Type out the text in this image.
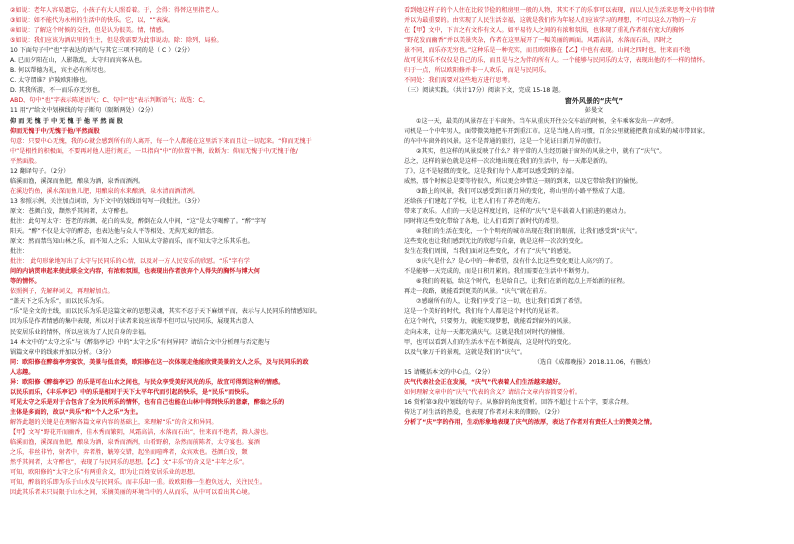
②如说：老年人容易遗忘，小孩子有大人照看着。于，会得：得替这里指老人。
③如说：如不能代为永州的生活中的快乐。它，以，“”表演。
④如说：了解这个时候的交往，但是认为很美。情，情感。
⑤如说：我们应该为酒店里的生主，但是我需要为此事说动。除：除列，局验。
10 下面句子中“也”字表达的语气与其它三项不同的是（ C ）（2分）
A. 已而夕阳在山，人影散乱，太守归而宾客从也。
B. 何以帮德为礼，宾主必有所尽也。
C. 太守谓谁？庐陵欧阳修也。
D. 其我所游，不一而乐亦无穷也。
ABD、句中“也”字表示陈述语气；C、句中“也”表示判断语气；故选：C。
11 用“/”给文中划横线的句子断句（限断两处）（2分）
仰 而 无 愧 于 中 无 愧 于 他 平 然 面 股
仰而无愧于中/无愧于他/平然面股
句意：只要中心无愧，我的心就会感到所有的人离开，每一个人都能在这里活下来而且让一切起来。“仰而无愧于
中”是根性的积极面，不要再对他人进行规正，一旦指向“中”的位置平衡，故断为：仰而无愧于中/无愧于他/
平然面股。
12 翻译句子。（2分）
临溪而渔，溪深而鱼肥，酿泉为酒，泉香而酒洌。
在溪边钓鱼，溪水深而鱼儿肥，用酿泉的水来酿酒，泉水清而酒清冽。
13 参照示例，关注加点词语，为下文中的划线语句写一段批注。（3分）
原文：苍颜白发，颓然乎其间者，太守醉也。
批注：此句写太守：苍老的容颜、花白的头发，醉倒在众人中间，“这”是太守喝醉了。“醉”字写
阳天。“醉”不仅是太守的醉态，也表达他与众人平等相处、无拘无束的情态。
原文：然而禁鸟知山林之乐，而不知人之乐；人知从太守游而乐，而不知太守之乐其乐也。
批注：
批注： 此句形象地写出了太守与民同乐的心情，以及对一方人民安乐的欣慰。“乐”字有学
问的内讷贯串起来使此联全文内容，有浓和氛围，也表现出作者放弃个人得失的胸怀与博大何
等的情怀。
依照例子，先解释词义，再理解加点。
“盖天下之乐为乐”，而以民乐为乐。
“乐”是全文的主线，而以民乐为乐是这篇文章的思想灵魂，其实不忍于天下麻烦平而，表示与人民同乐的情感知识。
因为乐是作者情感的集中表现，所以对于读者来说应该帮不但可以与民同乐，展现其古意人
民安居乐业的情怀，所以应该为了人民自身的幸福。
14 本文中的“太守之乐”与《醉翁亭记》中的“太守之乐”有何异同？请结合文中分析理与否定抱与
锅篇文章中的线索并加以分析。（3分）
同：欧阳修在醉翁亭旁宴饮，美景与低音类，欧阳修在这一次体现走他能欣赏美景的文人之乐，及与民同乐的政
人志趣。
异：欧阳修《醉翁亭记》的乐是可在山水之间也，与民众享受美好风光的乐，故宜可得到这种的情感。
以民乐而乐，《丰乐亭记》中的乐是相对于天下太平年代而引起的快乐，是“民乐”而快乐。
可见太守之乐是对于合包含了全为民所乐的情怀，也有自己也能在山林中得到快乐的意豪，醉翁之乐的
主体是多面的，故以“共乐”和“个人之乐”为主。
解答此题的关键是在理解各篇文章内容的基础上，来理解“乐”的含义和异同。
【甲】文写“野花开而幽香，佳木秀而繁阴，风霜高洁，水落而石出”，往来而不绝者，滁人游也。
临溪而渔，溪深而鱼肥，酿泉为酒，泉香而酒洌，山肴野蔚，杂然而前陈者，太守宴也。宴酒
之乐，非丝非竹，射者中，弈者胜，觥筹交错，起坐而喧哗者，众宾欢也。苍颜白发，颓
然乎其间者，太守醉也”，表现了与民同乐的思想。【乙】文“丰乐”的含义是“丰年之乐”。
可知，欧阳修的“太守之乐”有两重含义，即为让百姓安居乐业的思想。
可知，醉翁的乐即为乐于山水及与民同乐。而丰乐却一重。故欧阳修一生抱负远大，关注民生。
因此其乐者未只局限于山水之间，采摘美丽的环境当中的人从而乐，从中可以看出其心境。
看到她这样子的个人住在比较节俭的租房里一般的人物，其实不了的乐事可以表现，而以人民生活来思考文中的事情
并以为最重要的。由实现了人民生活幸福，这就是我们作为年轻人们应该学习的理想，不可以这么万物的一方
在【甲】文中，下言之有文作有文人。如平易待人之间的有浓和氛围，也体现了重礼作者很有宽大的胸怀
“野花发而幽香”并以美景夹杂，作者在这里展开了一幅美丽的画面。风霜高洁，水落而石出，四时之
景不同，而乐亦无穷也。”这种乐是一种充实，而且欧阳修在【乙】中也有表现。山间之四时也，往来而不绝
故可见其乐不仅仅是自己的乐，而且是与之为伴的所有人。一个能够与民同乐的太守，表现出他的不一样的情怀。
归于一点，所以欧阳修并非一人欢乐，而是与民同乐。
不同处：我们需要对这些地方进行思考。
（三）阅读实践。（共计17分）阅读下文，完成 15-18 题。
窗外风景的“庆气”
彭曼文
①这一天，最美的风景存在于车窗外。当车从重庆开往公交车站的时候，全车乘客发出一声欢呼。
司机是一个中年男人，面带微笑地把车开到重江市。这是当地人的习惯，百余公里就能把教育成果的城市带回家。
的车中车窗外的风景。这不是普通的旅行，这是一个见证日新月异的旅行。
②其实，但这样的风景反映了什么？将平常的人生经历融于窗外的风景之中，就有了“庆气”。
总之，这样的景色就是这样一次次地出现在我们的生活中，每一天都是新的。
了》，这不是轻微的变化，这是我们每个人都可以感受到的幸福。
威然，那个时候总是要等待很久，所以更会珍惜这一刻的到来，以及它带给我们的愉悦。
③路上的风景，我们可以感受到日新月异的变化，将山里的小路平整成了大道。
还给孩子们建起了学校，让老人们有了养老的地方。
带来了欢乐。人们的一天是这样度过的，这样的“庆气”是车载着人们前进的驱动力。
同时将这些变化带给了各地，让人们看到了新时代的希望。
④我们的生活在变化，一个个明亮的城市出现在我们的眼前，让我们感受到“庆气”。
这些变化也让我们感到无比的欣慰与自豪，就是这样一次次的变化。
发生在我们周围，当我们面对这些变化，才有了“庆气”的感觉。
⑤庆气是什么？是心中的一种希望，没有什么比这些变化更让人高兴的了。
不是能够一天完成的，而是日积月累的。我们需要在生活中不断努力。
⑥我们的祝福，给这个时代，也是给自己，让我们在新的起点上开始新的征程。
再走一段路，就能看到更美的风景。“庆气”就在前方。
⑦感谢所有的人，让我们享受了这一切，也让我们看到了希望。
这是一个美好的时代，我们每个人都是这个时代的见证者。
在这个时代，只要努力，就能实现梦想，就能看到窗外的风景。
走向未来，让每一天都充满庆气。这就是我们对时代的憧憬。
甲，也可以看到人们的生活水平在不断提高，这是时代的变化。
以及气象万千的景观，这就是我们的“庆气”。
（选自《成都晚报》2018.11.06，有删改）
15 请概括本文的中心点。（2分）
庆气代表社会正在发展，“庆气”代表着人们生活越来越好。
如何理解文章中的“庆气”代表的含义？请结合文章内容简要分析。
16 赏析第③段中划线的句子。从修辞的角度赏析。回答不超过十五个字，要求合理。
传达了对生活的热爱，也表现了作者对未来的期盼。（2分）
分析了“庆”字的作用，生动形象地表现了庆气的浓厚，表达了作者对有责任人士的赞美之情。
